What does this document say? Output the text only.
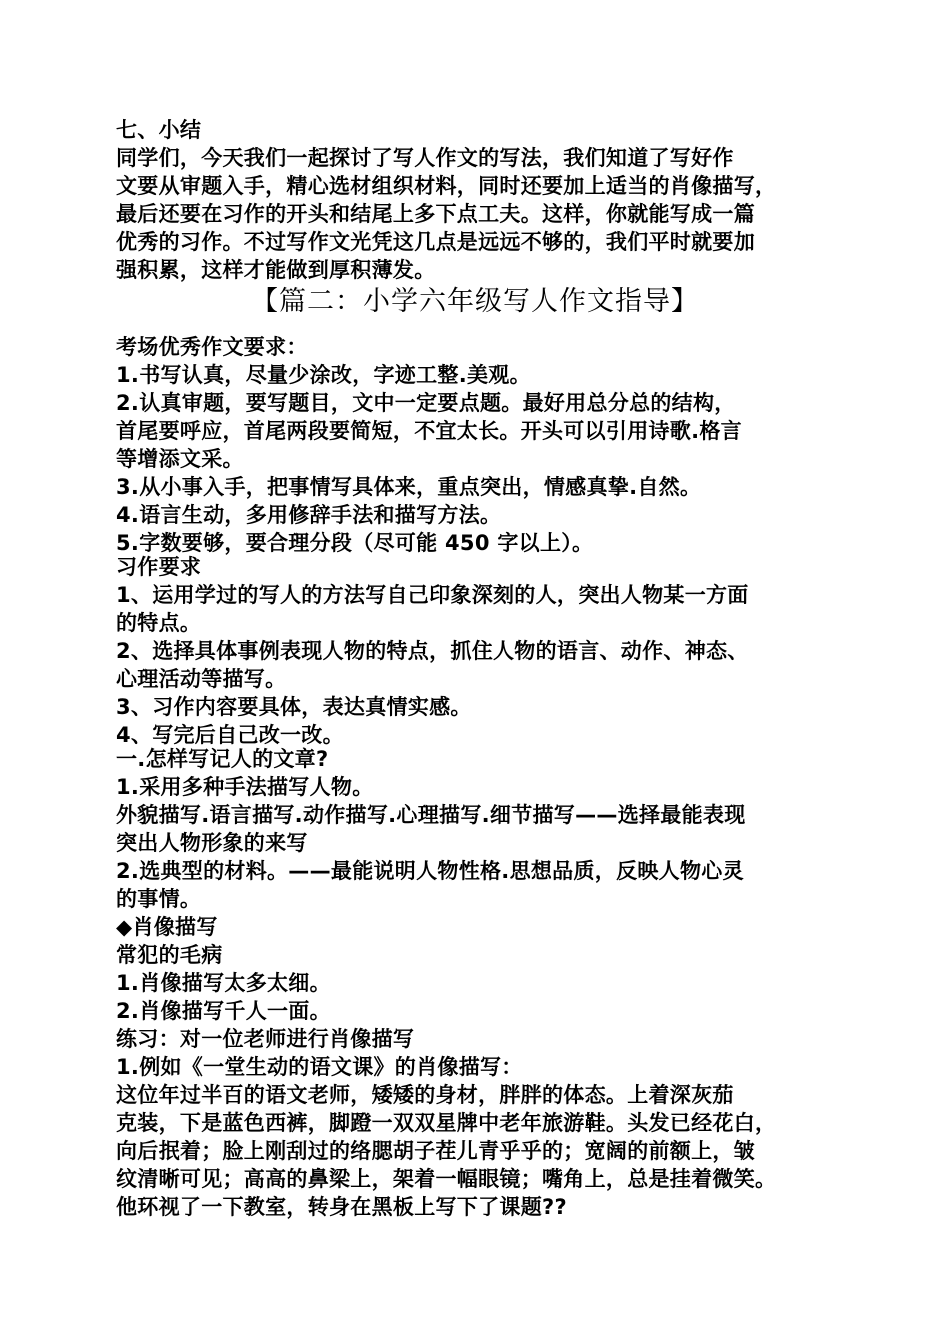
七、小结
同学们，今天我们一起探讨了写人作文的写法，我们知道了写好作
文要从审题入手，精心选材组织材料，同时还要加上适当的肖像描写，
最后还要在习作的开头和结尾上多下点工夫。这样，你就能写成一篇
优秀的习作。不过写作文光凭这几点是远远不够的，我们平时就要加
强积累，这样才能做到厚积薄发。
【篇二：小学六年级写人作文指导】
考场优秀作文要求：
1.书写认真，尽量少涂改，字迹工整.美观。
2.认真审题，要写题目，文中一定要点题。最好用总分总的结构，
首尾要呼应，首尾两段要简短，不宜太长。开头可以引用诗歌.格言
等增添文采。
3.从小事入手，把事情写具体来，重点突出，情感真挚.自然。
4.语言生动，多用修辞手法和描写方法。
5.字数要够，要合理分段（尽可能 450 字以上）。
习作要求
1、运用学过的写人的方法写自己印象深刻的人，突出人物某一方面
的特点。
2、选择具体事例表现人物的特点，抓住人物的语言、动作、神态、
心理活动等描写。
3、习作内容要具体，表达真情实感。
4、写完后自己改一改。
一.怎样写记人的文章?
1.采用多种手法描写人物。
外貌描写.语言描写.动作描写.心理描写.细节描写——选择最能表现
突出人物形象的来写
2.选典型的材料。——最能说明人物性格.思想品质，反映人物心灵
的事情。
◆肖像描写
常犯的毛病
1.肖像描写太多太细。
2.肖像描写千人一面。
练习：对一位老师进行肖像描写
1.例如《一堂生动的语文课》的肖像描写：
这位年过半百的语文老师，矮矮的身材，胖胖的体态。上着深灰茄
克装，下是蓝色西裤，脚蹬一双双星牌中老年旅游鞋。头发已经花白，
向后抿着；脸上刚刮过的络腮胡子茬儿青乎乎的；宽阔的前额上，皱
纹清晰可见；高高的鼻梁上，架着一幅眼镜；嘴角上，总是挂着微笑。
他环视了一下教室，转身在黑板上写下了课题??
